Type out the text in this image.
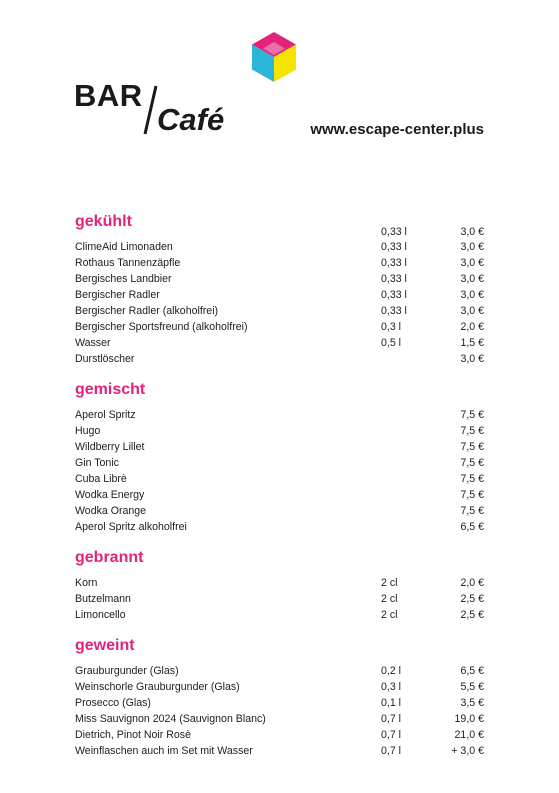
BAR
Café	www.escape-center.plus
gekühlt
0,33 l	3,0 €
ClimeAid Limonaden	0,33 l	3,0 €
Rothaus Tannenzäpfle	0,33 l	3,0 €
Bergisches Landbier	0,33 l	3,0 €
Bergischer Radler	0,33 l	3,0 €
Bergischer Radler (alkoholfrei)	0,33 l	3,0 €
Bergischer Sportsfreund (alkoholfrei)	0,3 l	2,0 €
Wasser	0,5 l	1,5 €
Durstlöscher	3,0 €
gemischt
Aperol Spritz	7,5 €
Hugo	7,5 €
Wildberry Lillet	7,5 €
Gin Tonic	7,5 €
Cuba Librè	7,5 €
Wodka Energy	7,5 €
Wodka Orange	7,5 €
Aperol Spritz alkoholfrei	6,5 €
gebrannt
Korn	2 cl	2,0 €
Butzelmann	2 cl	2,5 €
Limoncello	2 cl	2,5 €
geweint
Grauburgunder (Glas)	0,2 l	6,5 €
Weinschorle Grauburgunder (Glas)	0,3 l	5,5 €
Prosecco (Glas)	0,1 l	3,5 €
Miss Sauvignon 2024 (Sauvignon Blanc)	0,7 l	19,0 €
Dietrich, Pinot Noir Rosè	0,7 l	21,0 €
Weinflaschen auch im Set mit Wasser	0,7 l	+ 3,0 €
